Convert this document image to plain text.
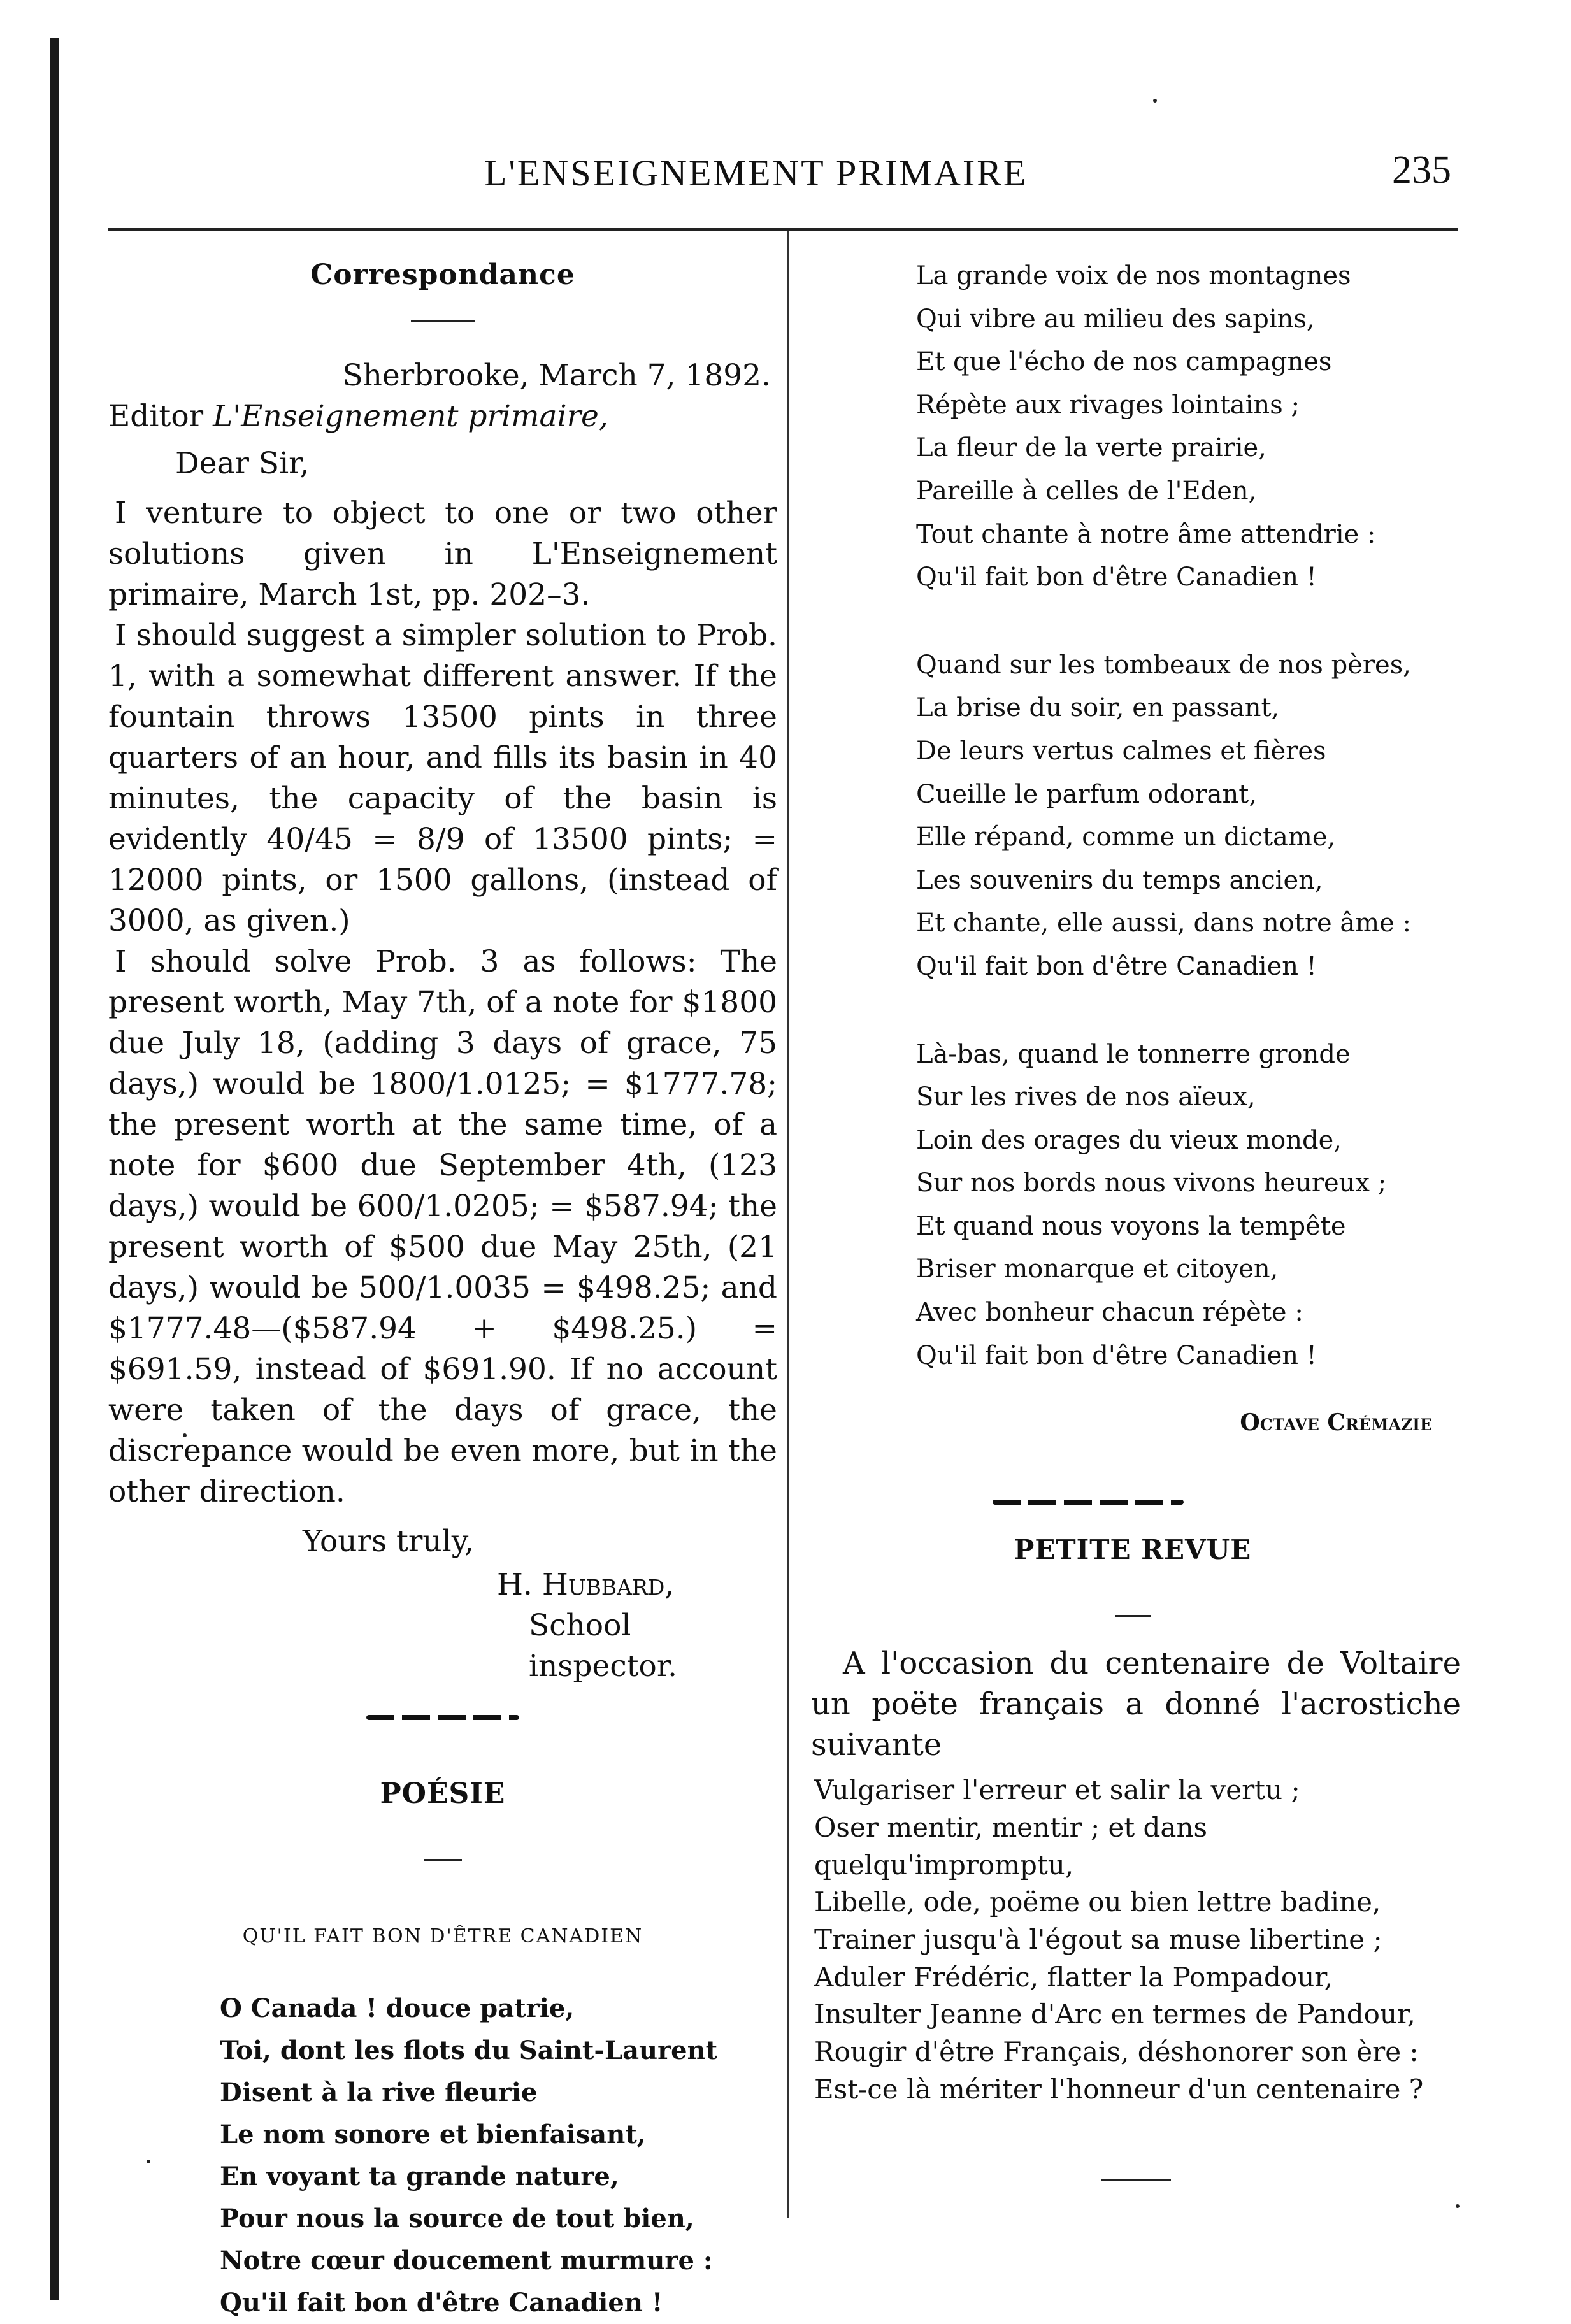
L'ENSEIGNEMENT PRIMAIRE	235
Correspondance
Sherbrooke, March 7, 1892.
Editor L'Enseignement primaire,
Dear Sir,

I venture to object to one or two other solutions given in L'Enseignement primaire, March 1st, pp. 202–3.

I should suggest a simpler solution to Prob. 1, with a somewhat different answer. If the fountain throws 13500 pints in three quarters of an hour, and fills its basin in 40 minutes, the capacity of the basin is evidently 40/45 = 8/9 of 13500 pints; = 12000 pints, or 1500 gallons, (instead of 3000, as given.)

I should solve Prob. 3 as follows: The present worth, May 7th, of a note for $1800 due July 18, (adding 3 days of grace, 75 days,) would be 1800/1.0125; = $1777.78; the present worth at the same time, of a note for $600 due September 4th, (123 days,) would be 600/1.0205; = $587.94; the present worth of $500 due May 25th, (21 days,) would be 500/1.0035 = $498.25; and $1777.48—($587.94 + $498.25.) = $691.59, instead of $691.90. If no account were taken of the days of grace, the discrepance would be even more, but in the other direction.

Yours truly,
H. Hubbard,
School inspector.
POÉSIE
QU'IL FAIT BON D'ÊTRE CANADIEN
O Canada ! douce patrie,
Toi, dont les flots du Saint-Laurent
Disent à la rive fleurie
Le nom sonore et bienfaisant,
En voyant ta grande nature,
Pour nous la source de tout bien,
Notre cœur doucement murmure :
Qu'il fait bon d'être Canadien !
La grande voix de nos montagnes
Qui vibre au milieu des sapins,
Et que l'écho de nos campagnes
Répète aux rivages lointains ;
La fleur de la verte prairie,
Pareille à celles de l'Eden,
Tout chante à notre âme attendrie :
Qu'il fait bon d'être Canadien !
Quand sur les tombeaux de nos pères,
La brise du soir, en passant,
De leurs vertus calmes et fières
Cueille le parfum odorant,
Elle répand, comme un dictame,
Les souvenirs du temps ancien,
Et chante, elle aussi, dans notre âme :
Qu'il fait bon d'être Canadien !
Là-bas, quand le tonnerre gronde
Sur les rives de nos aïeux,
Loin des orages du vieux monde,
Sur nos bords nous vivons heureux ;
Et quand nous voyons la tempête
Briser monarque et citoyen,
Avec bonheur chacun répète :
Qu'il fait bon d'être Canadien !
Octave Crémazie
PETITE REVUE
A l'occasion du centenaire de Voltaire un poëte français a donné l'acrostiche suivante
Vulgariser l'erreur et salir la vertu ;
Oser mentir, mentir ; et dans quelqu'impromptu,
Libelle, ode, poëme ou bien lettre badine,
Trainer jusqu'à l'égout sa muse libertine ;
Aduler Frédéric, flatter la Pompadour,
Insulter Jeanne d'Arc en termes de Pandour,
Rougir d'être Français, déshonorer son ère :
Est-ce là mériter l'honneur d'un centenaire ?
